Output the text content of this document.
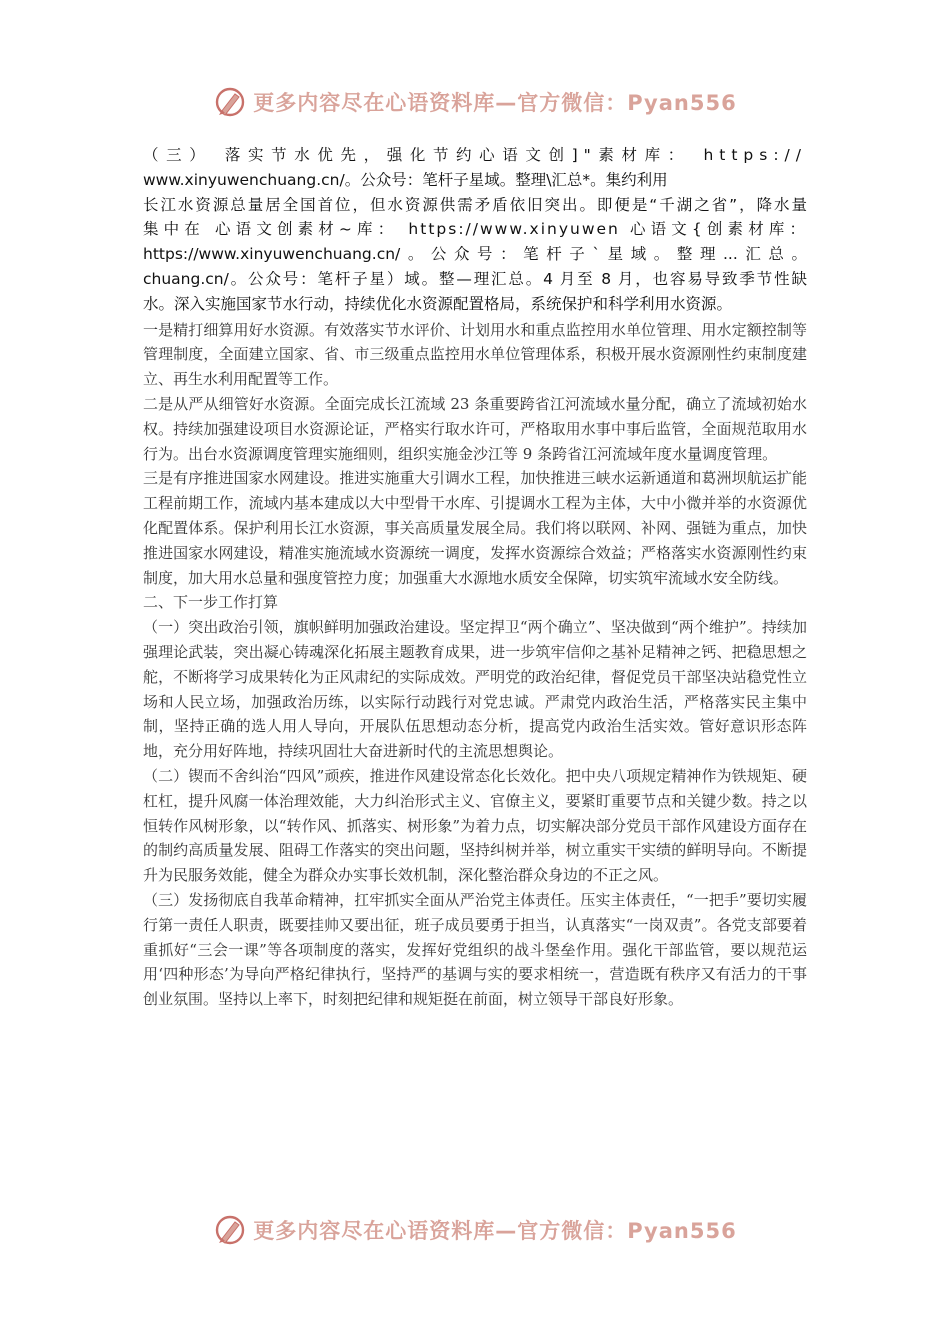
更多内容尽在心语资料库—官方微信：Pyan556

（三） 落实节水优先，强化节约心语文创]"素材库： https://

www.xinyuwenchuang.cn/。公众号：笔杆子星域。整理\汇总*。集约利用

长江水资源总量居全国首位，但水资源供需矛盾依旧突出。即便是“千湖之省”，降水量

集中在 心语文创素材~库： https://www.xinyuwen 心语文{创素材库：

https://www.xinyuwenchuang.cn/。公众号：笔杆子`星域。整理...汇总。

chuang.cn/。公众号：笔杆子星）域。整—理汇总。4 月至 8 月，也容易导致季节性缺

水。深入实施国家节水行动，持续优化水资源配置格局，系统保护和科学利用水资源。

一是精打细算用好水资源。有效落实节水评价、计划用水和重点监控用水单位管理、用水定额控制等管理制度，全面建立国家、省、市三级重点监控用水单位管理体系，积极开展水资源刚性约束制度建立、再生水利用配置等工作。

二是从严从细管好水资源。全面完成长江流域 23 条重要跨省江河流域水量分配，确立了流域初始水权。持续加强建设项目水资源论证，严格实行取水许可，严格取用水事中事后监管，全面规范取用水行为。出台水资源调度管理实施细则，组织实施金沙江等 9 条跨省江河流域年度水量调度管理。

三是有序推进国家水网建设。推进实施重大引调水工程，加快推进三峡水运新通道和葛洲坝航运扩能工程前期工作，流域内基本建成以大中型骨干水库、引提调水工程为主体，大中小微并举的水资源优化配置体系。保护利用长江水资源，事关高质量发展全局。我们将以联网、补网、强链为重点，加快推进国家水网建设，精准实施流域水资源统一调度，发挥水资源综合效益；严格落实水资源刚性约束制度，加大用水总量和强度管控力度；加强重大水源地水质安全保障，切实筑牢流域水安全防线。

二、下一步工作打算

（一）突出政治引领，旗帜鲜明加强政治建设。坚定捍卫“两个确立”、坚决做到“两个维护”。持续加强理论武装，突出凝心铸魂深化拓展主题教育成果，进一步筑牢信仰之基补足精神之钙、把稳思想之舵，不断将学习成果转化为正风肃纪的实际成效。严明党的政治纪律，督促党员干部坚决站稳党性立场和人民立场，加强政治历练，以实际行动践行对党忠诚。严肃党内政治生活，严格落实民主集中制，坚持正确的选人用人导向，开展队伍思想动态分析，提高党内政治生活实效。管好意识形态阵地，充分用好阵地，持续巩固壮大奋进新时代的主流思想舆论。

（二）锲而不舍纠治“四风”顽疾，推进作风建设常态化长效化。把中央八项规定精神作为铁规矩、硬杠杠，提升风腐一体治理效能，大力纠治形式主义、官僚主义，要紧盯重要节点和关键少数。持之以恒转作风树形象，以“转作风、抓落实、树形象”为着力点，切实解决部分党员干部作风建设方面存在的制约高质量发展、阻碍工作落实的突出问题，坚持纠树并举，树立重实干实绩的鲜明导向。不断提升为民服务效能，健全为群众办实事长效机制，深化整治群众身边的不正之风。

（三）发扬彻底自我革命精神，扛牢抓实全面从严治党主体责任。压实主体责任，“一把手”要切实履行第一责任人职责，既要挂帅又要出征，班子成员要勇于担当，认真落实“一岗双责”。各党支部要着重抓好“三会一课”等各项制度的落实，发挥好党组织的战斗堡垒作用。强化干部监管，要以规范运用‘四种形态’为导向严格纪律执行，坚持严的基调与实的要求相统一，营造既有秩序又有活力的干事创业氛围。坚持以上率下，时刻把纪律和规矩挺在前面，树立领导干部良好形象。

更多内容尽在心语资料库—官方微信：Pyan556
